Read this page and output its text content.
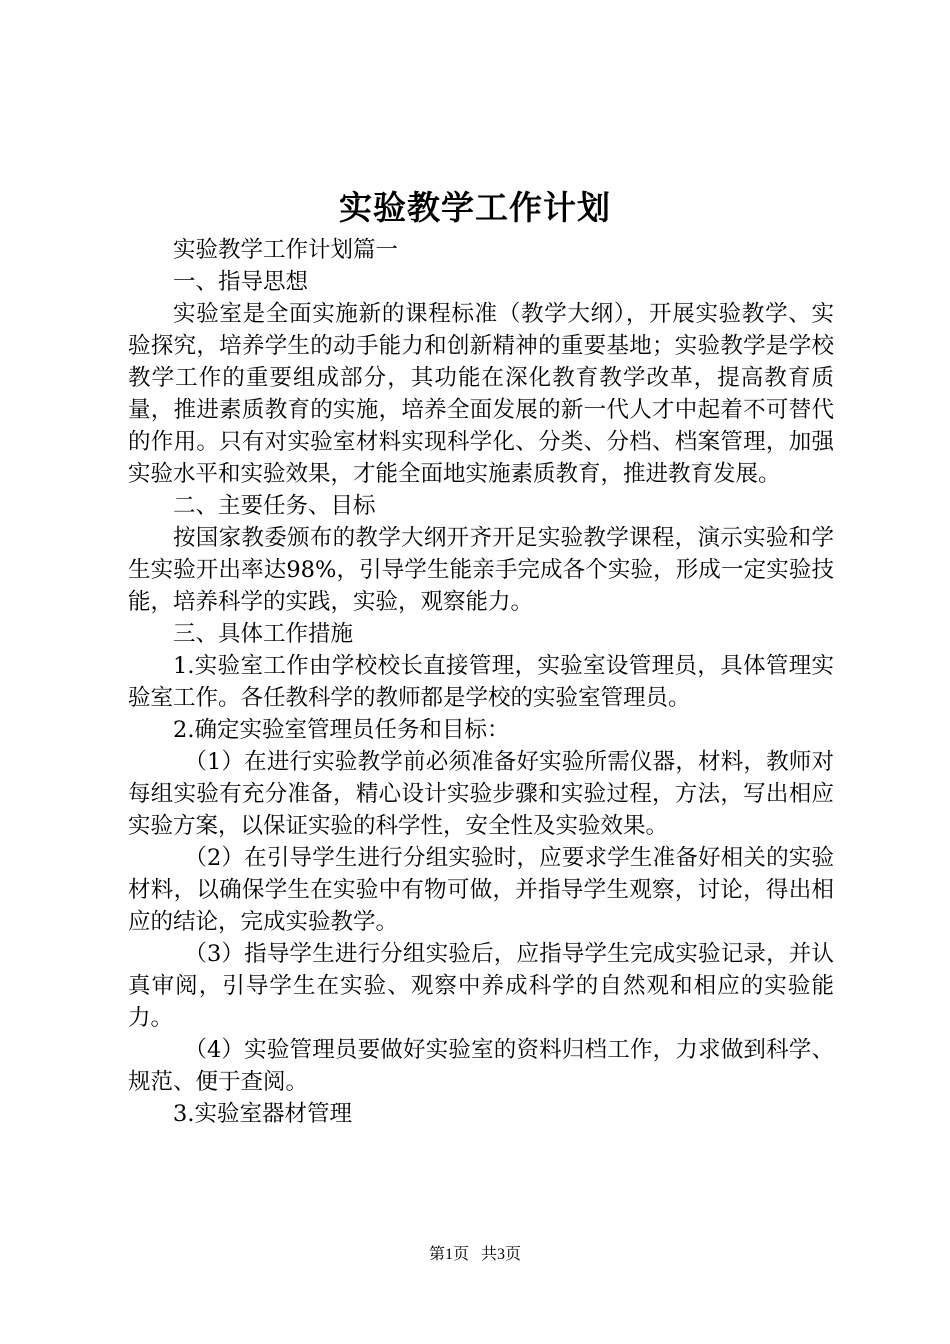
实验教学工作计划

实验教学工作计划篇一

一、指导思想

实验室是全面实施新的课程标准（教学大纲），开展实验教学、实验探究，培养学生的动手能力和创新精神的重要基地；实验教学是学校教学工作的重要组成部分，其功能在深化教育教学改革，提高教育质量，推进素质教育的实施，培养全面发展的新一代人才中起着不可替代的作用。只有对实验室材料实现科学化、分类、分档、档案管理，加强实验水平和实验效果，才能全面地实施素质教育，推进教育发展。

二、主要任务、目标

按国家教委颁布的教学大纲开齐开足实验教学课程，演示实验和学生实验开出率达98%，引导学生能亲手完成各个实验，形成一定实验技能，培养科学的实践，实验，观察能力。

三、具体工作措施

1.实验室工作由学校校长直接管理，实验室设管理员，具体管理实验室工作。各任教科学的教师都是学校的实验室管理员。

2.确定实验室管理员任务和目标：

（1）在进行实验教学前必须准备好实验所需仪器，材料，教师对每组实验有充分准备，精心设计实验步骤和实验过程，方法，写出相应实验方案，以保证实验的科学性，安全性及实验效果。

（2）在引导学生进行分组实验时，应要求学生准备好相关的实验材料，以确保学生在实验中有物可做，并指导学生观察，讨论，得出相应的结论，完成实验教学。

（3）指导学生进行分组实验后，应指导学生完成实验记录，并认真审阅，引导学生在实验、观察中养成科学的自然观和相应的实验能力。

（4）实验管理员要做好实验室的资料归档工作，力求做到科学、规范、便于查阅。

3.实验室器材管理

第1页 共3页
